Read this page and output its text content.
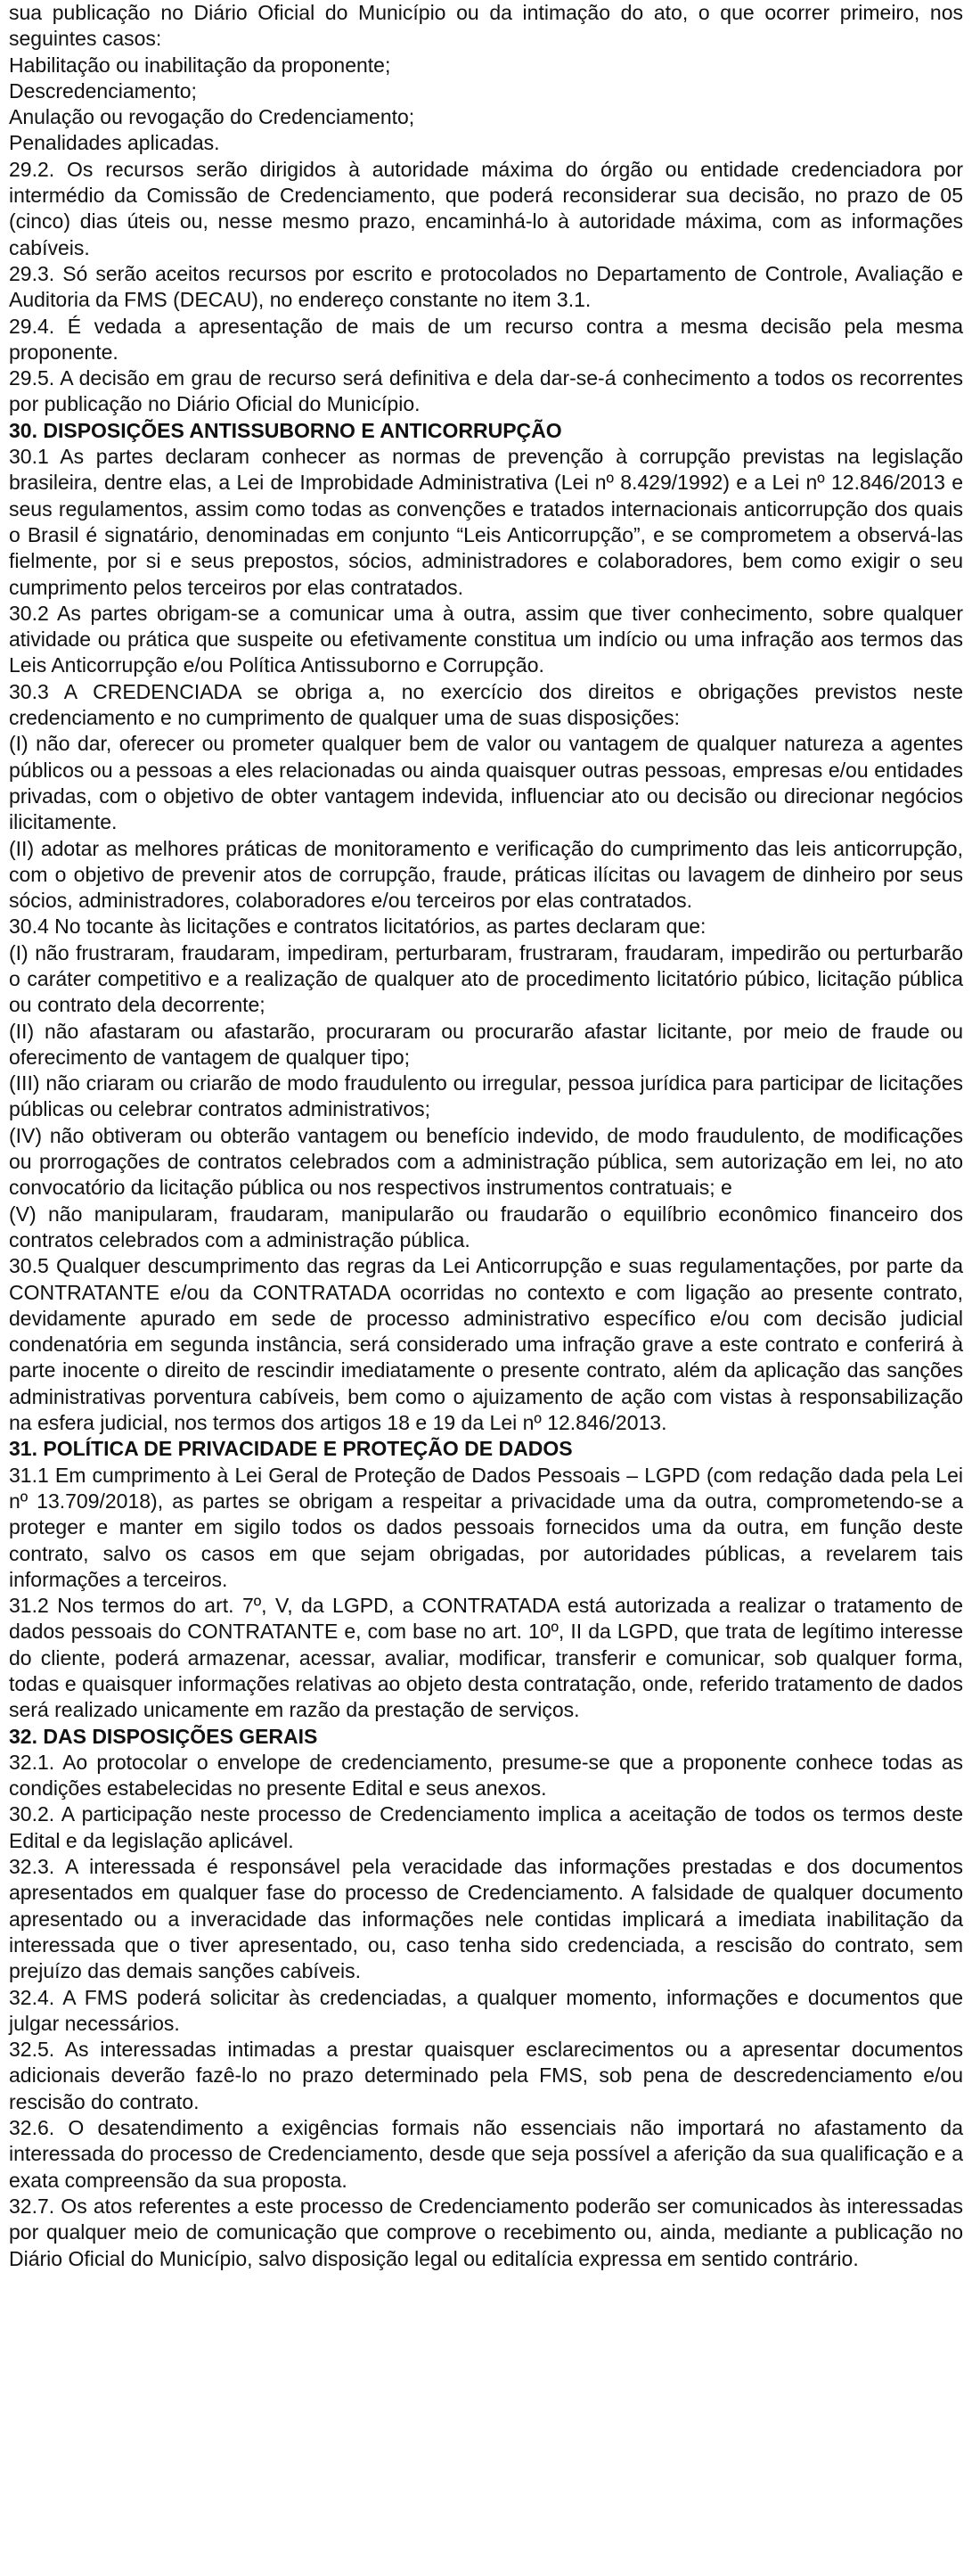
sua publicação no Diário Oficial do Município ou da intimação do ato, o que ocorrer primeiro, nos seguintes casos:

Habilitação ou inabilitação da proponente;

Descredenciamento;

Anulação ou revogação do Credenciamento;

Penalidades aplicadas.

29.2. Os recursos serão dirigidos à autoridade máxima do órgão ou entidade credenciadora por intermédio da Comissão de Credenciamento, que poderá reconsiderar sua decisão, no prazo de 05 (cinco) dias úteis ou, nesse mesmo prazo, encaminhá-lo à autoridade máxima, com as informações cabíveis.

29.3. Só serão aceitos recursos por escrito e protocolados no Departamento de Controle, Avaliação e Auditoria da FMS (DECAU), no endereço constante no item 3.1.

29.4. É vedada a apresentação de mais de um recurso contra a mesma decisão pela mesma proponente.

29.5. A decisão em grau de recurso será definitiva e dela dar-se-á conhecimento a todos os recorrentes por publicação no Diário Oficial do Município.

30. DISPOSIÇÕES ANTISSUBORNO E ANTICORRUPÇÃO

30.1 As partes declaram conhecer as normas de prevenção à corrupção previstas na legislação brasileira, dentre elas, a Lei de Improbidade Administrativa (Lei nº 8.429/1992) e a Lei nº 12.846/2013 e seus regulamentos, assim como todas as convenções e tratados internacionais anticorrupção dos quais o Brasil é signatário, denominadas em conjunto “Leis Anticorrupção”, e se comprometem a observá-las fielmente, por si e seus prepostos, sócios, administradores e colaboradores, bem como exigir o seu cumprimento pelos terceiros por elas contratados.

30.2 As partes obrigam-se a comunicar uma à outra, assim que tiver conhecimento, sobre qualquer atividade ou prática que suspeite ou efetivamente constitua um indício ou uma infração aos termos das Leis Anticorrupção e/ou Política Antissuborno e Corrupção.

30.3 A CREDENCIADA se obriga a, no exercício dos direitos e obrigações previstos neste credenciamento e no cumprimento de qualquer uma de suas disposições:

(I) não dar, oferecer ou prometer qualquer bem de valor ou vantagem de qualquer natureza a agentes públicos ou a pessoas a eles relacionadas ou ainda quaisquer outras pessoas, empresas e/ou entidades privadas, com o objetivo de obter vantagem indevida, influenciar ato ou decisão ou direcionar negócios ilicitamente.

(II) adotar as melhores práticas de monitoramento e verificação do cumprimento das leis anticorrupção, com o objetivo de prevenir atos de corrupção, fraude, práticas ilícitas ou lavagem de dinheiro por seus sócios, administradores, colaboradores e/ou terceiros por elas contratados.

30.4 No tocante às licitações e contratos licitatórios, as partes declaram que:

(I) não frustraram, fraudaram, impediram, perturbaram, frustraram, fraudaram, impedirão ou perturbarão o caráter competitivo e a realização de qualquer ato de procedimento licitatório púbico, licitação pública ou contrato dela decorrente;

(II) não afastaram ou afastarão, procuraram ou procurarão afastar licitante, por meio de fraude ou oferecimento de vantagem de qualquer tipo;

(III) não criaram ou criarão de modo fraudulento ou irregular, pessoa jurídica para participar de licitações públicas ou celebrar contratos administrativos;

(IV) não obtiveram ou obterão vantagem ou benefício indevido, de modo fraudulento, de modificações ou prorrogações de contratos celebrados com a administração pública, sem autorização em lei, no ato convocatório da licitação pública ou nos respectivos instrumentos contratuais; e

(V) não manipularam, fraudaram, manipularão ou fraudarão o equilíbrio econômico financeiro dos contratos celebrados com a administração pública.

30.5 Qualquer descumprimento das regras da Lei Anticorrupção e suas regulamentações, por parte da CONTRATANTE e/ou da CONTRATADA ocorridas no contexto e com ligação ao presente contrato, devidamente apurado em sede de processo administrativo específico e/ou com decisão judicial condenatória em segunda instância, será considerado uma infração grave a este contrato e conferirá à parte inocente o direito de rescindir imediatamente o presente contrato, além da aplicação das sanções administrativas porventura cabíveis, bem como o ajuizamento de ação com vistas à responsabilização na esfera judicial, nos termos dos artigos 18 e 19 da Lei nº 12.846/2013.

31. POLÍTICA DE PRIVACIDADE E PROTEÇÃO DE DADOS

31.1 Em cumprimento à Lei Geral de Proteção de Dados Pessoais – LGPD (com redação dada pela Lei nº 13.709/2018), as partes se obrigam a respeitar a privacidade uma da outra, comprometendo-se a proteger e manter em sigilo todos os dados pessoais fornecidos uma da outra, em função deste contrato, salvo os casos em que sejam obrigadas, por autoridades públicas, a revelarem tais informações a terceiros.

31.2 Nos termos do art. 7º, V, da LGPD, a CONTRATADA está autorizada a realizar o tratamento de dados pessoais do CONTRATANTE e, com base no art. 10º, II da LGPD, que trata de legítimo interesse do cliente, poderá armazenar, acessar, avaliar, modificar, transferir e comunicar, sob qualquer forma, todas e quaisquer informações relativas ao objeto desta contratação, onde, referido tratamento de dados será realizado unicamente em razão da prestação de serviços.

32. DAS DISPOSIÇÕES GERAIS

32.1. Ao protocolar o envelope de credenciamento, presume-se que a proponente conhece todas as condições estabelecidas no presente Edital e seus anexos.

30.2. A participação neste processo de Credenciamento implica a aceitação de todos os termos deste Edital e da legislação aplicável.

32.3. A interessada é responsável pela veracidade das informações prestadas e dos documentos apresentados em qualquer fase do processo de Credenciamento. A falsidade de qualquer documento apresentado ou a inveracidade das informações nele contidas implicará a imediata inabilitação da interessada que o tiver apresentado, ou, caso tenha sido credenciada, a rescisão do contrato, sem prejuízo das demais sanções cabíveis.

32.4. A FMS poderá solicitar às credenciadas, a qualquer momento, informações e documentos que julgar necessários.

32.5. As interessadas intimadas a prestar quaisquer esclarecimentos ou a apresentar documentos adicionais deverão fazê-lo no prazo determinado pela FMS, sob pena de descredenciamento e/ou rescisão do contrato.

32.6. O desatendimento a exigências formais não essenciais não importará no afastamento da interessada do processo de Credenciamento, desde que seja possível a aferição da sua qualificação e a exata compreensão da sua proposta.

32.7. Os atos referentes a este processo de Credenciamento poderão ser comunicados às interessadas por qualquer meio de comunicação que comprove o recebimento ou, ainda, mediante a publicação no Diário Oficial do Município, salvo disposição legal ou editalícia expressa em sentido contrário.
